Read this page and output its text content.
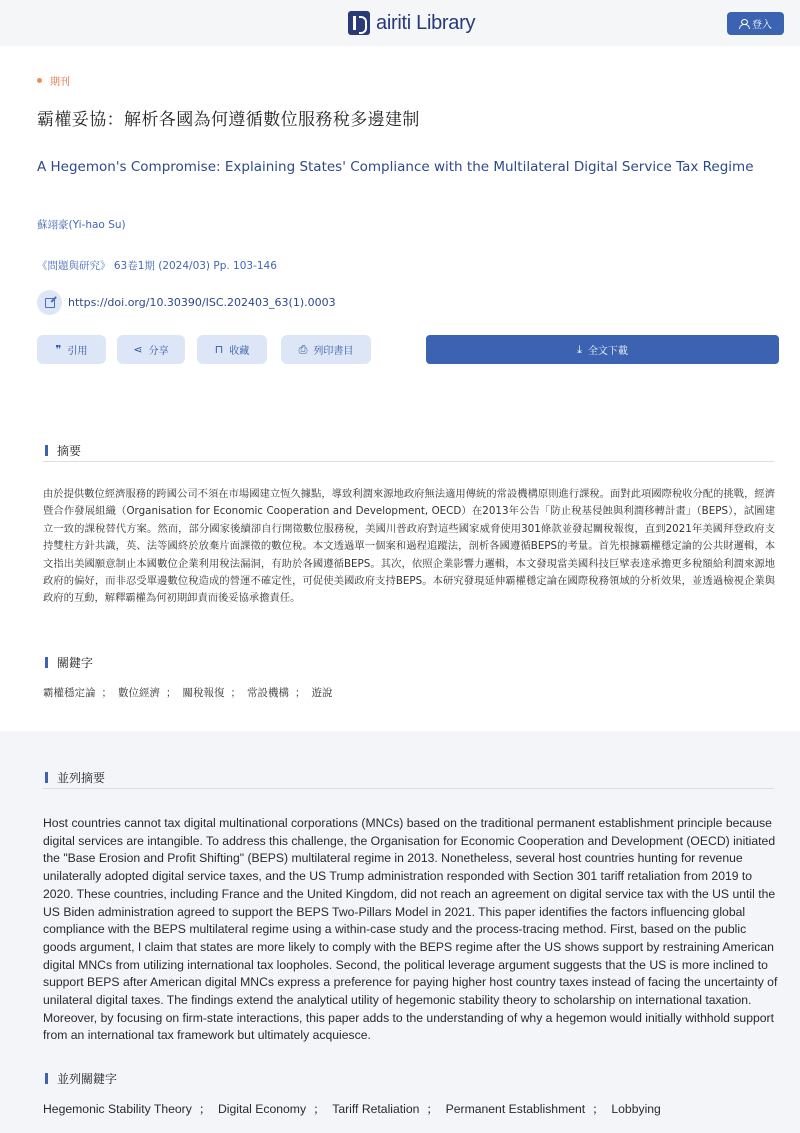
airiti Library	登入
期刊
霸權妥協：解析各國為何遵循數位服務稅多邊建制
A Hegemon's Compromise: Explaining States' Compliance with the Multilateral Digital Service Tax Regime
蘇翊豪(Yi-hao Su)
《問題與研究》 63卷1期 (2024/03) Pp. 103-146
https://doi.org/10.30390/ISC.202403_63(1).0003
❞ 引用	⋖ 分享	⊓ 收藏	⎙ 列印書目	⤓ 全文下載
摘要
由於提供數位經濟服務的跨國公司不須在市場國建立恆久據點，導致利潤來源地政府無法適用傳統的常設機構原則進行課稅。面對此項國際稅收分配的挑戰，經濟暨合作發展組織（Organisation for Economic Cooperation and Development, OECD）在2013年公告「防止稅基侵蝕與利潤移轉計畫」（BEPS），試圖建立一致的課稅替代方案。然而，部分國家後續卻自行開徵數位服務稅，美國川普政府對這些國家威脅使用301條款並發起關稅報復，直到2021年美國拜登政府支持雙柱方針共識，英、法等國終於放棄片面課徵的數位稅。本文透過單一個案和過程追蹤法，剖析各國遵循BEPS的考量。首先根據霸權穩定論的公共財邏輯，本文指出美國願意制止本國數位企業利用稅法漏洞，有助於各國遵循BEPS。其次，依照企業影響力邏輯，本文發現當美國科技巨擘表達承擔更多稅額給利潤來源地政府的偏好，而非忍受單邊數位稅造成的營運不確定性，可促使美國政府支持BEPS。本研究發現延伸霸權穩定論在國際稅務領域的分析效果，並透過檢視企業與政府的互動，解釋霸權為何初期卸責而後妥協承擔責任。
關鍵字
霸權穩定論 ； 數位經濟 ； 關稅報復 ； 常設機構 ； 遊說
並列摘要
Host countries cannot tax digital multinational corporations (MNCs) based on the traditional permanent establishment principle because digital services are intangible. To address this challenge, the Organisation for Economic Cooperation and Development (OECD) initiated the "Base Erosion and Profit Shifting" (BEPS) multilateral regime in 2013. Nonetheless, several host countries hunting for revenue unilaterally adopted digital service taxes, and the US Trump administration responded with Section 301 tariff retaliation from 2019 to 2020. These countries, including France and the United Kingdom, did not reach an agreement on digital service tax with the US until the US Biden administration agreed to support the BEPS Two-Pillars Model in 2021. This paper identifies the factors influencing global compliance with the BEPS multilateral regime using a within-case study and the process-tracing method. First, based on the public goods argument, I claim that states are more likely to comply with the BEPS regime after the US shows support by restraining American digital MNCs from utilizing international tax loopholes. Second, the political leverage argument suggests that the US is more inclined to support BEPS after American digital MNCs express a preference for paying higher host country taxes instead of facing the uncertainty of unilateral digital taxes. The findings extend the analytical utility of hegemonic stability theory to scholarship on international taxation. Moreover, by focusing on firm-state interactions, this paper adds to the understanding of why a hegemon would initially withhold support from an international tax framework but ultimately acquiesce.
並列關鍵字
Hegemonic Stability Theory ； Digital Economy ； Tariff Retaliation ； Permanent Establishment ； Lobbying
